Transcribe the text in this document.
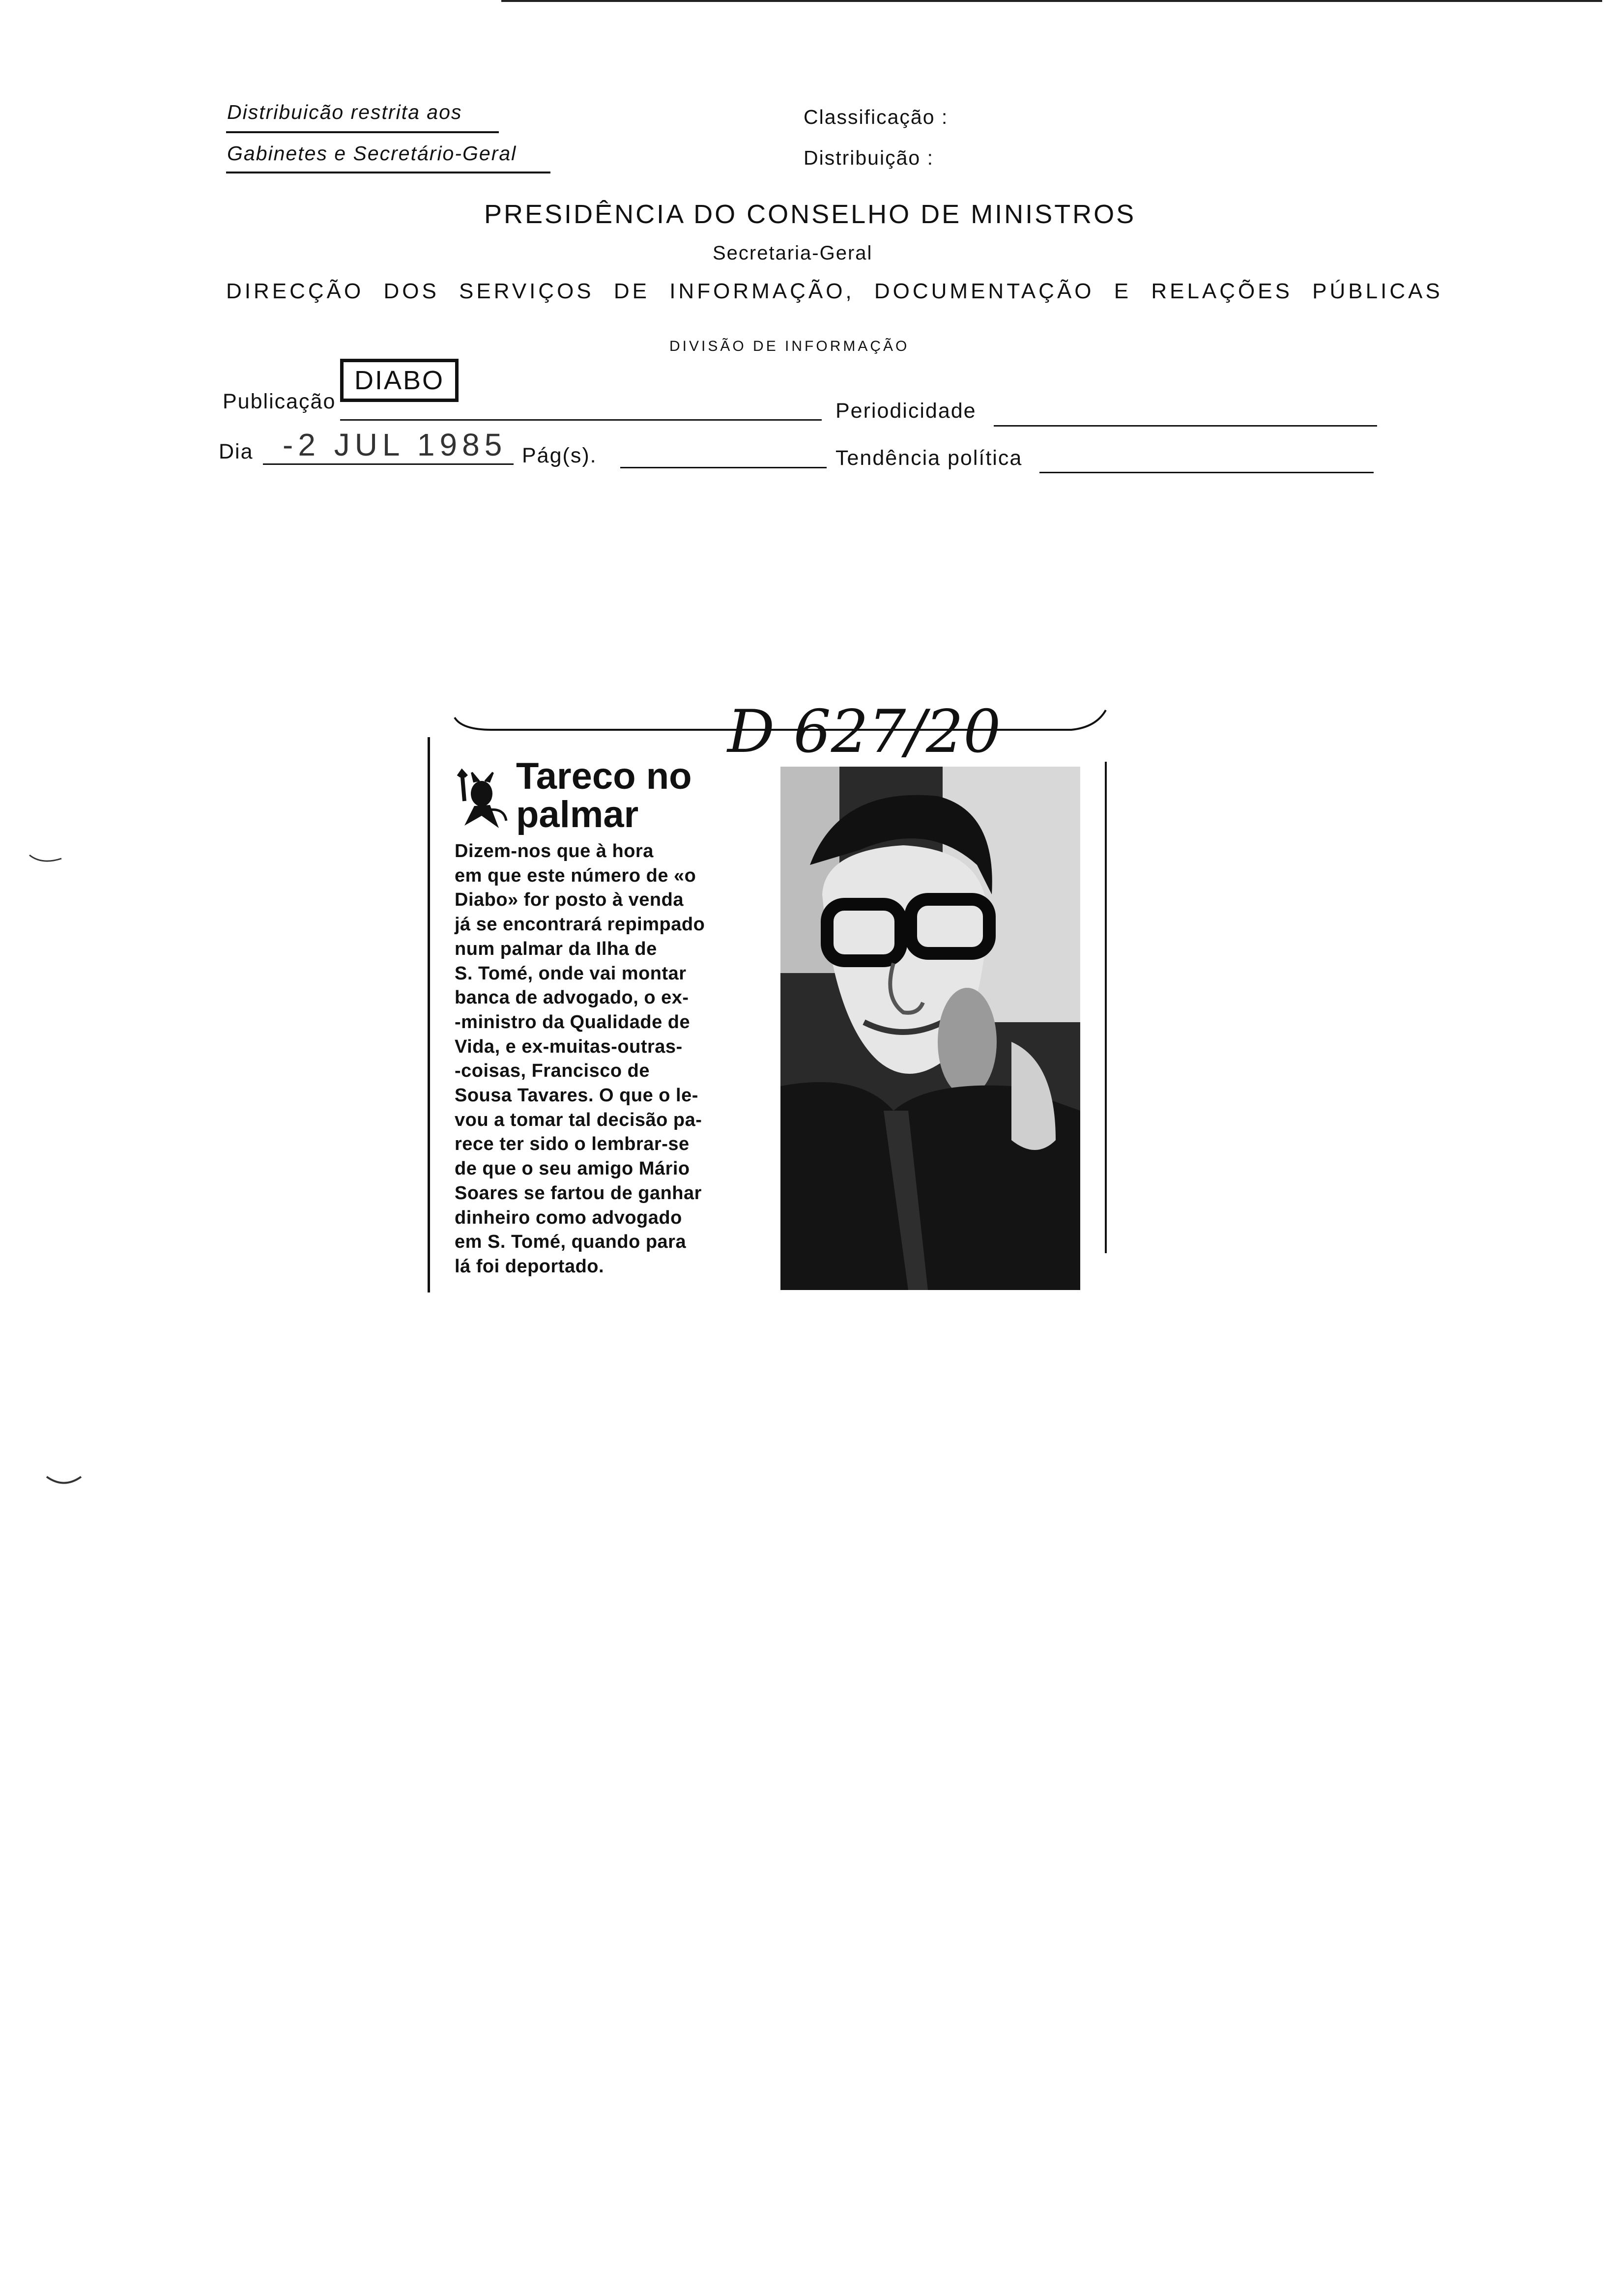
Distribuicão restrita aos
Gabinetes e Secretário-Geral
Classificação :
Distribuição :
PRESIDÊNCIA DO CONSELHO DE MINISTROS
Secretaria-Geral
DIRECÇÃO DOS SERVIÇOS DE INFORMAÇÃO, DOCUMENTAÇÃO E RELAÇÕES PÚBLICAS
DIVISÃO DE INFORMAÇÃO
Publicação
DIABO
Periodicidade
Dia -2 JUL 1985 Pág(s).	Tendência política
Tareco no
palmar
Dizem-nos que à hora
em que este número de «o
Diabo» for posto à venda
já se encontrará repimpado
num palmar da Ilha de
S. Tomé, onde vai montar
banca de advogado, o ex-
-ministro da Qualidade de
Vida, e ex-muitas-outras-
-coisas, Francisco de
Sousa Tavares. O que o le-
vou a tomar tal decisão pa-
rece ter sido o lembrar-se
de que o seu amigo Mário
Soares se fartou de ganhar
dinheiro como advogado
em S. Tomé, quando para
lá foi deportado.
D 627/20
